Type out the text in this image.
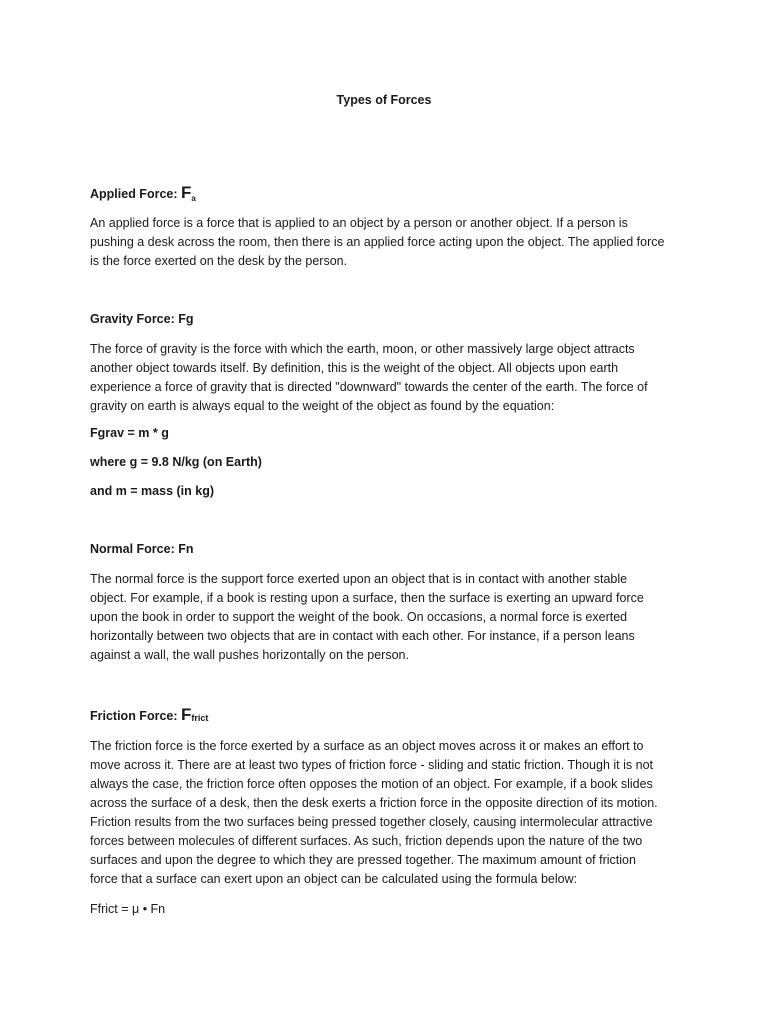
Types of Forces
Applied Force: $F_a$
An applied force is a force that is applied to an object by a person or another object. If a person is
pushing a desk across the room, then there is an applied force acting upon the object. The applied force
is the force exerted on the desk by the person.
Gravity Force: Fg
The force of gravity is the force with which the earth, moon, or other massively large object attracts
another object towards itself. By definition, this is the weight of the object. All objects upon earth
experience a force of gravity that is directed "downward" towards the center of the earth. The force of
gravity on earth is always equal to the weight of the object as found by the equation:
Fgrav = m * g
where g = 9.8 N/kg (on Earth)
and m = mass (in kg)
Normal Force: Fn
The normal force is the support force exerted upon an object that is in contact with another stable
object. For example, if a book is resting upon a surface, then the surface is exerting an upward force
upon the book in order to support the weight of the book. On occasions, a normal force is exerted
horizontally between two objects that are in contact with each other. For instance, if a person leans
against a wall, the wall pushes horizontally on the person.
Friction Force: Ffrict
The friction force is the force exerted by a surface as an object moves across it or makes an effort to
move across it. There are at least two types of friction force - sliding and static friction. Though it is not
always the case, the friction force often opposes the motion of an object. For example, if a book slides
across the surface of a desk, then the desk exerts a friction force in the opposite direction of its motion.
Friction results from the two surfaces being pressed together closely, causing intermolecular attractive
forces between molecules of different surfaces. As such, friction depends upon the nature of the two
surfaces and upon the degree to which they are pressed together. The maximum amount of friction
force that a surface can exert upon an object can be calculated using the formula below:
Ffrict = μ • Fn
